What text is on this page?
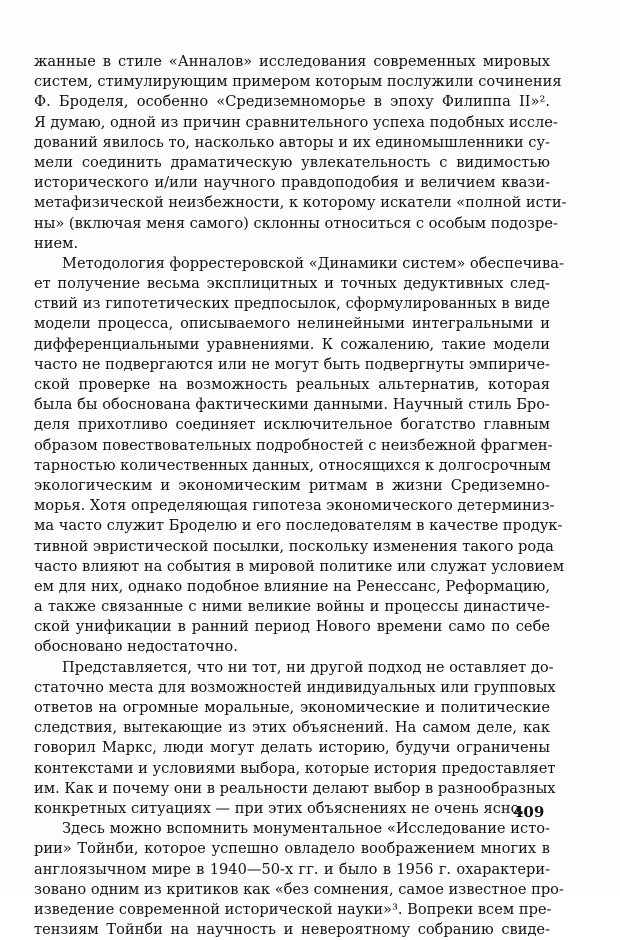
жанные в стиле «Анналов» исследования современных мировых
систем, стимулирующим примером которым послужили сочинения
Ф. Броделя, особенно «Средиземноморье в эпоху Филиппа II»².
Я думаю, одной из причин сравнительного успеха подобных иссле-
дований явилось то, насколько авторы и их единомышленники су-
мели соединить драматическую увлекательность с видимостью
исторического и/или научного правдоподобия и величием квази-
метафизической неизбежности, к которому искатели «полной исти-
ны» (включая меня самого) склонны относиться с особым подозре-
нием.
Методология форрестеровской «Динамики систем» обеспечива-
ет получение весьма эксплицитных и точных дедуктивных след-
ствий из гипотетических предпосылок, сформулированных в виде
модели процесса, описываемого нелинейными интегральными и
дифференциальными уравнениями. К сожалению, такие модели
часто не подвергаются или не могут быть подвергнуты эмпириче-
ской проверке на возможность реальных альтернатив, которая
была бы обоснована фактическими данными. Научный стиль Бро-
деля прихотливо соединяет исключительное богатство главным
образом повествовательных подробностей с неизбежной фрагмен-
тарностью количественных данных, относящихся к долгосрочным
экологическим и экономическим ритмам в жизни Средиземно-
морья. Хотя определяющая гипотеза экономического детерминиз-
ма часто служит Броделю и его последователям в качестве продук-
тивной эвристической посылки, поскольку изменения такого рода
часто влияют на события в мировой политике или служат условием
ем для них, однако подобное влияние на Ренессанс, Реформацию,
а также связанные с ними великие войны и процессы династиче-
ской унификации в ранний период Нового времени само по себе
обосновано недостаточно.
Представляется, что ни тот, ни другой подход не оставляет до-
статочно места для возможностей индивидуальных или групповых
ответов на огромные моральные, экономические и политические
следствия, вытекающие из этих объяснений. На самом деле, как
говорил Маркс, люди могут делать историю, будучи ограничены
контекстами и условиями выбора, которые история предоставляет
им. Как и почему они в реальности делают выбор в разнообразных
конкретных ситуациях — при этих объяснениях не очень ясно.
Здесь можно вспомнить монументальное «Исследование исто-
рии» Тойнби, которое успешно овладело воображением многих в
англоязычном мире в 1940—50-х гг. и было в 1956 г. охарактери-
зовано одним из критиков как «без сомнения, самое известное про-
изведение современной исторической науки»³. Вопреки всем пре-
тензиям Тойнби на научность и невероятному собранию свиде-
409
